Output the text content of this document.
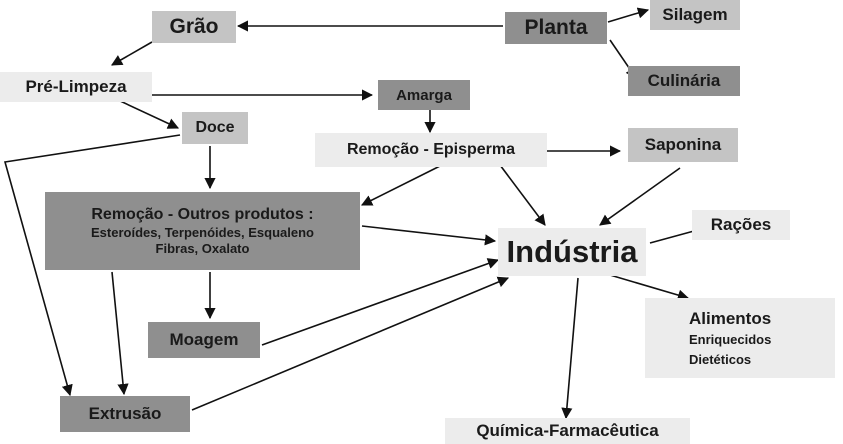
Grão	Planta
Silagem
Culinária
Pré-Limpeza	Amarga
Doce
Remoção - Episperma	Saponina
Remoção - Outros produtos :
Esteroídes, Terpenóides, Esqualeno
Fibras, Oxalato	Indústria
Rações
Moagem
Alimentos
Enriquecidos
Dietéticos
Extrusão
Química-Farmacêutica
